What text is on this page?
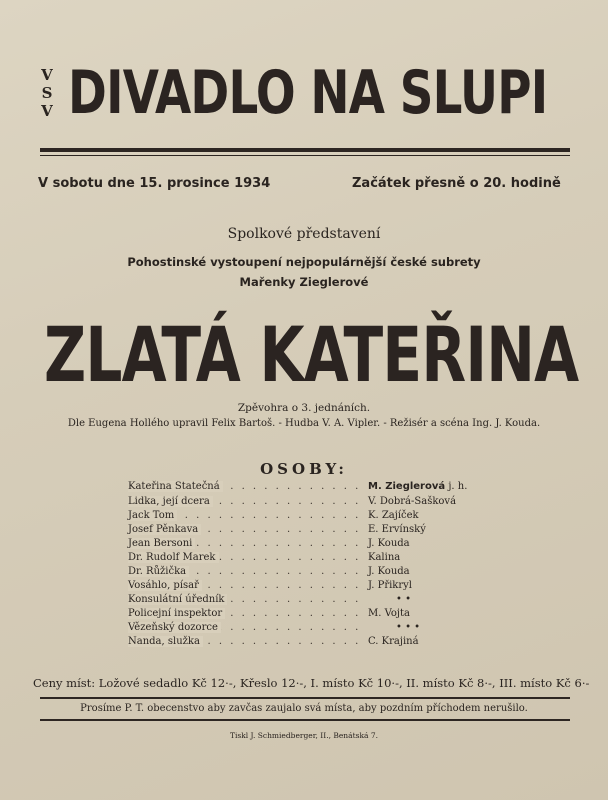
V
S
V DIVADLO NA SLUPI
V sobotu dne 15. prosince 1934	Začátek přesně o 20. hodině
Spolkové představení
Pohostinské vystoupení nejpopulárnější české subrety
Mařenky Zieglerové
ZLATÁ KATEŘINA
Zpěvohra o 3. jednáních.
Dle Eugena Hollého upravil Felix Bartoš. - Hudba V. A. Vipler. - Režisér a scéna Ing. J. Kouda.
OSOBY:
. . .
Kateřina Statečná	M. Zieglerová j. h.
. . .
Lidka, její dcera	V. Dobrá-Sašková
. . .
Jack Tom	K. Zajíček
. . .
Josef Pěnkava	E. Ervínský
. . .
Jean Bersoni	J. Kouda
. . .
Dr. Rudolf Marek	Kalina
. . .
Dr. Růžička	J. Kouda
. . .
Vosáhlo, písař	J. Přikryl
. . .
Konsulátní úředník	• •
. . .
Policejní inspektor	M. Vojta
. . .
Vězeňský dozorce	• • •
. . .
Nanda, služka	C. Krajiná
Ceny míst: Ložové sedadlo Kč 12·-, Křeslo 12·-, I. místo Kč 10·-, II. místo Kč 8·-, III. místo Kč 6·-
Prosíme P. T. obecenstvo aby zavčas zaujalo svá místa, aby pozdním příchodem nerušilo.
Tiskl J. Schmiedberger, II., Benátská 7.
